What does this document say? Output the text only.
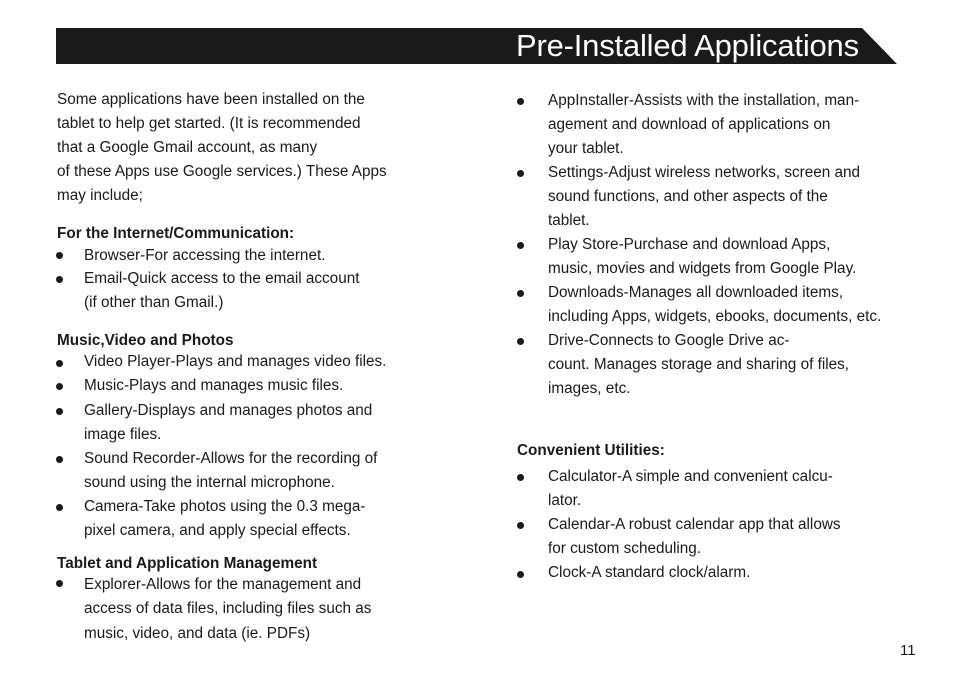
Pre-Installed Applications
Some applications have been installed on the
tablet to help get started. (It is recommended
that a Google Gmail account, as many
of these Apps use Google services.) These Apps
may include;
For the Internet/Communication:
Browser-For accessing the internet.
Email-Quick access to the email account
(if other than Gmail.)
Music,Video and Photos
Video Player-Plays and manages video files.
Music-Plays and manages music files.
Gallery-Displays and manages photos and
image files.
Sound Recorder-Allows for the recording of
sound using the internal microphone.
Camera-Take photos using the 0.3 mega-
pixel camera, and apply special effects.
Tablet and Application Management
Explorer-Allows for the management and
access of data files, including files such as
music, video, and data (ie. PDFs)
AppInstaller-Assists with the installation, man-
agement and download of applications on
your tablet.
Settings-Adjust wireless networks, screen and
sound functions, and other aspects of the
tablet.
Play Store-Purchase and download Apps,
music, movies and widgets from Google Play.
Downloads-Manages all downloaded items,
including Apps, widgets, ebooks, documents, etc.
Drive-Connects to Google Drive ac-
count. Manages storage and sharing of files,
images, etc.
Convenient Utilities:
Calculator-A simple and convenient calcu-
lator.
Calendar-A robust calendar app that allows
for custom scheduling.
Clock-A standard clock/alarm.
11
